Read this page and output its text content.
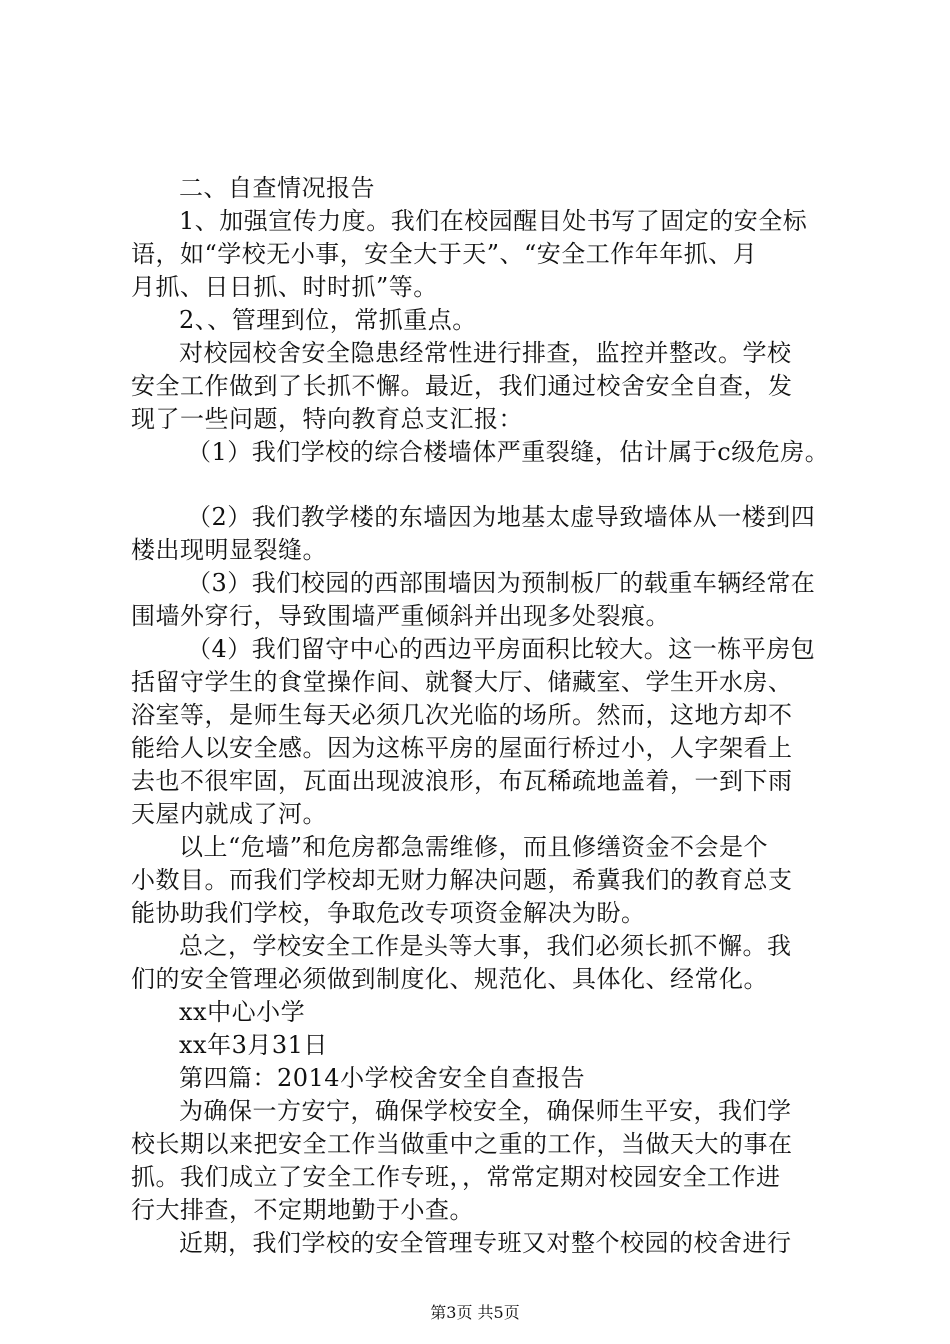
二、自查情况报告
1、加强宣传力度。我们在校园醒目处书写了固定的安全标
语，如“学校无小事，安全大于天”、“安全工作年年抓、月
月抓、日日抓、时时抓”等。
2、、管理到位，常抓重点。
对校园校舍安全隐患经常性进行排查，监控并整改。学校
安全工作做到了长抓不懈。最近，我们通过校舍安全自查，发
现了一些问题，特向教育总支汇报：
（1）我们学校的综合楼墙体严重裂缝，估计属于c级危房。
（2）我们教学楼的东墙因为地基太虚导致墙体从一楼到四
楼出现明显裂缝。
（3）我们校园的西部围墙因为预制板厂的载重车辆经常在
围墙外穿行，导致围墙严重倾斜并出现多处裂痕。
（4）我们留守中心的西边平房面积比较大。这一栋平房包
括留守学生的食堂操作间、就餐大厅、储藏室、学生开水房、
浴室等，是师生每天必须几次光临的场所。然而，这地方却不
能给人以安全感。因为这栋平房的屋面行桥过小，人字架看上
去也不很牢固，瓦面出现波浪形，布瓦稀疏地盖着，一到下雨
天屋内就成了河。
以上“危墙”和危房都急需维修，而且修缮资金不会是个
小数目。而我们学校却无财力解决问题，希冀我们的教育总支
能协助我们学校，争取危改专项资金解决为盼。
总之，学校安全工作是头等大事，我们必须长抓不懈。我
们的安全管理必须做到制度化、规范化、具体化、经常化。
xx中心小学
xx年3月31日
第四篇：2014小学校舍安全自查报告
为确保一方安宁，确保学校安全，确保师生平安，我们学
校长期以来把安全工作当做重中之重的工作，当做天大的事在
抓。我们成立了安全工作专班，，常常定期对校园安全工作进
行大排查，不定期地勤于小查。
近期，我们学校的安全管理专班又对整个校园的校舍进行
第3页 共5页
